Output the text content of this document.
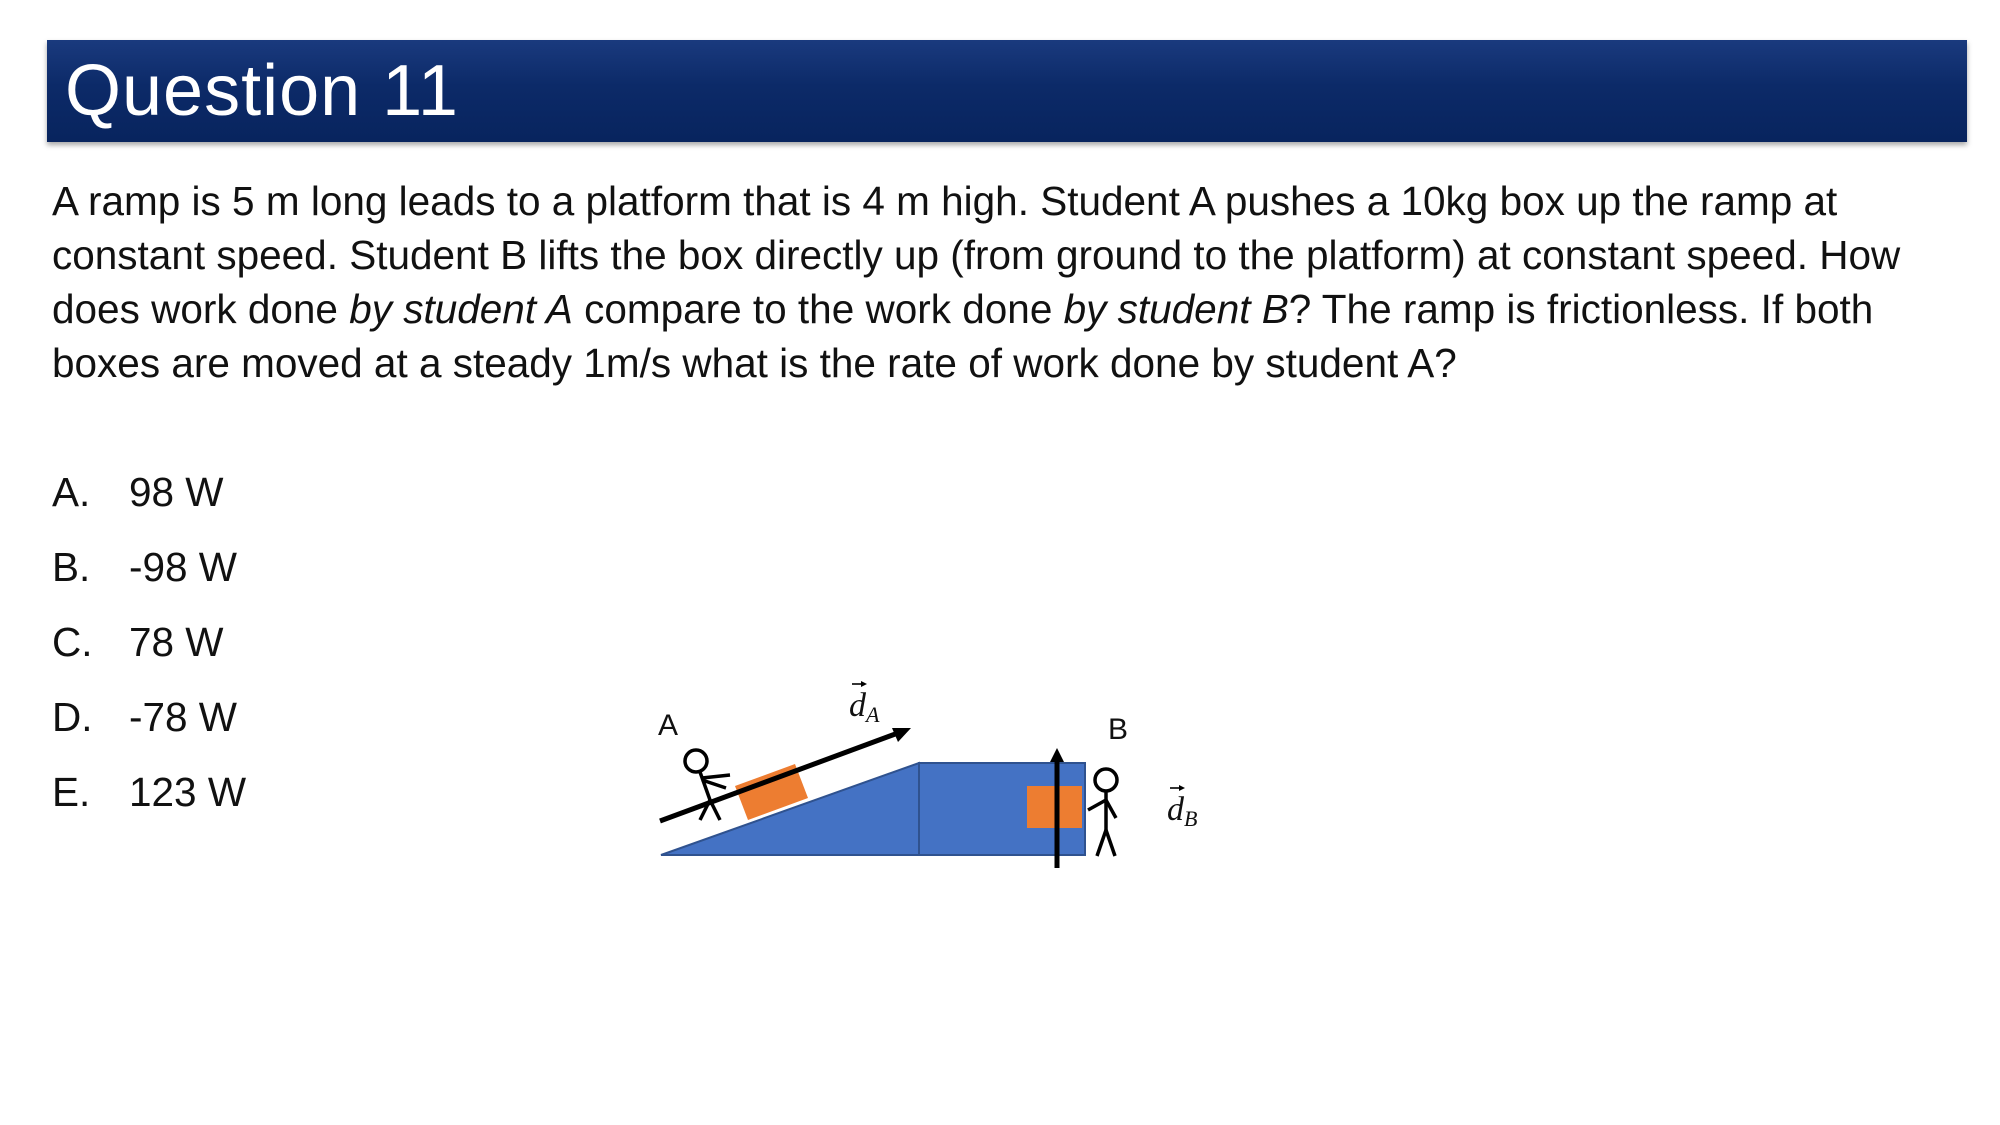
Question 11
A ramp is 5 m long leads to a platform that is 4 m high. Student A pushes a 10kg box up the ramp at constant speed. Student B lifts the box directly up (from ground to the platform) at constant speed. How does work done by student A compare to the work done by student B? The ramp is frictionless. If both boxes are moved at a steady 1m/s what is the rate of work done by student A?
A. 98 W
B. -98 W
C. 78 W
D. -78 W
E. 123 W
A	B
d A
d B
